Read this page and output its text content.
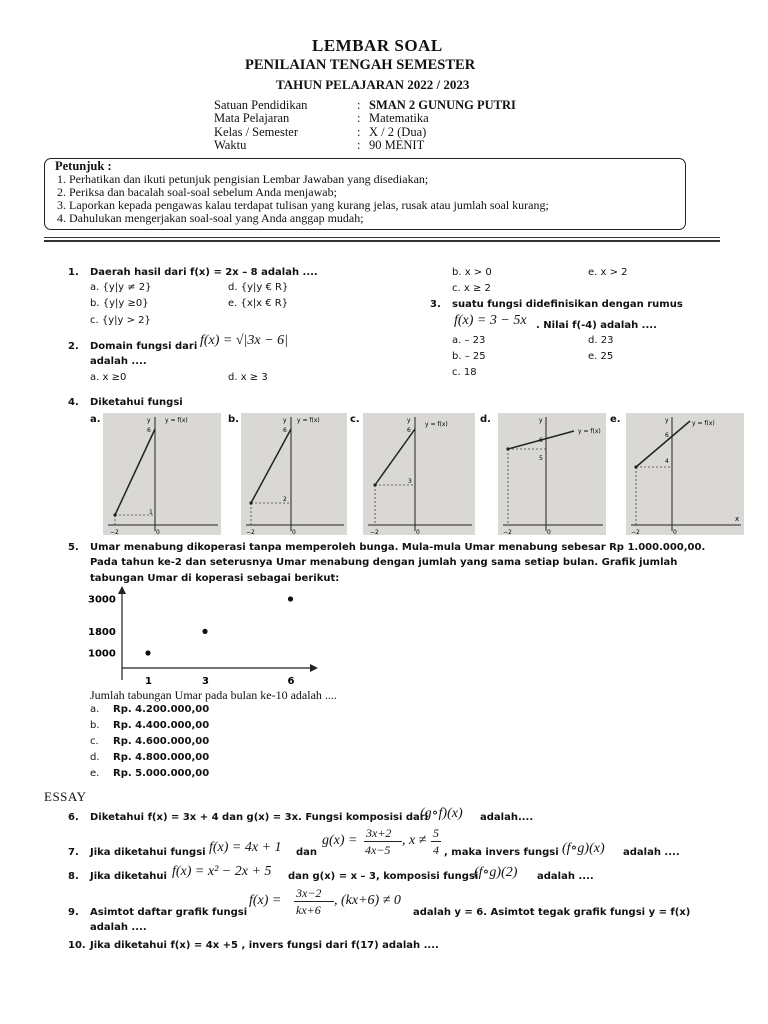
LEMBAR SOAL
PENILAIAN TENGAH SEMESTER
TAHUN PELAJARAN 2022 / 2023
Satuan Pendidikan	: SMAN 2 GUNUNG PUTRI
Mata Pelajaran	: Matematika
Kelas / Semester	: X / 2 (Dua)
Waktu	: 90 MENIT
Petunjuk :
1. Perhatikan dan ikuti petunjuk pengisian Lembar Jawaban yang disediakan;
2. Periksa dan bacalah soal-soal sebelum Anda menjawab;
3. Laporkan kepada pengawas kalau terdapat tulisan yang kurang jelas, rusak atau jumlah soal kurang;
4. Dahulukan mengerjakan soal-soal yang Anda anggap mudah;
1. Daerah hasil dari f(x) = 2x – 8 adalah ....
a. {y|y ≠ 2}	d. {y|y € R}
b. {y|y ≥0}	e. {x|x € R}
c. {y|y > 2}
b. x > 0	e. x > 2
c. x ≥ 2
2. Domain fungsi dari f(x) = √|3x − 6|
adalah ....
a. x ≥0	d. x ≥ 3
3. suatu fungsi didefinisikan dengan rumus
f(x) = 3 − 5x . Nilai f(-4) adalah ....
a. – 23	d. 23
b. – 25	e. 25
c. 18
4. Diketahui fungsi
a.	b.	c.	d.	e.
y y = f(x)
6
1
−2	0
y y = f(x)
6
2
−2	0
y
y = f(x)
6
3
−2	0
y
y = f(x)
6
5
−2	0
y	y = f(x)
6
4
x
−2	0
5. Umar menabung dikoperasi tanpa memperoleh bunga. Mula-mula Umar menabung sebesar Rp 1.000.000,00.
Pada tahun ke-2 dan seterusnya Umar menabung dengan jumlah yang sama setiap bulan. Grafik jumlah
tabungan Umar di koperasi sebagai berikut:
1000
1800
3000
1	3	6
Jumlah tabungan Umar pada bulan ke-10 adalah ....
a. Rp. 4.200.000,00
b. Rp. 4.400.000,00
c. Rp. 4.600.000,00
d. Rp. 4.800.000,00
e. Rp. 5.000.000,00
ESSAY
6. Diketahui f(x) = 3x + 4 dan g(x) = 3x. Fungsi komposisi dari
(g∘f)(x) adalah....
7. Jika diketahui fungsi f(x) = 4x + 1 dan
g(x) = 3x+2
4x−5
, x ≠ 5
4 , maka invers fungsi (f∘g)(x) adalah ....
8. Jika diketahui f(x) = x² − 2x + 5 dan g(x) = x – 3, komposisi fungsi
(f∘g)(2) adalah ....
9. Asimtot daftar grafik fungsi
f(x) = 3x−2
kx+6
, (kx+6) ≠ 0
adalah y = 6. Asimtot tegak grafik fungsi y = f(x)
adalah ....
10. Jika diketahui f(x) = 4x +5 , invers fungsi dari f(17) adalah ....
